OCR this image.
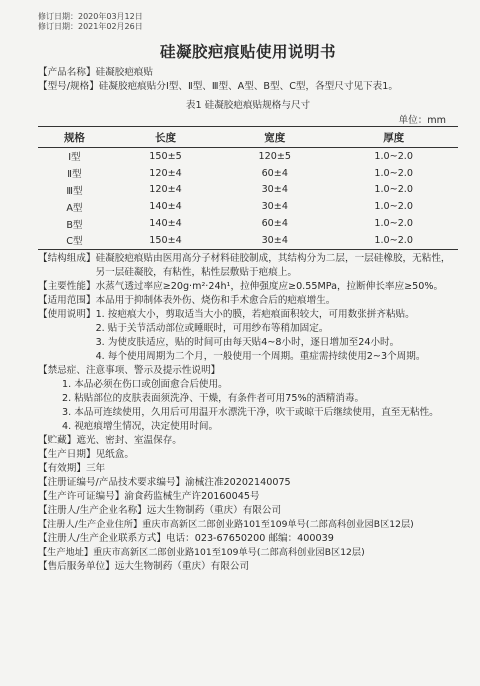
修订日期：2020年03月12日
修订日期：2021年02月26日
硅凝胶疤痕贴使用说明书
【产品名称】硅凝胶疤痕贴
【型号/规格】 硅凝胶疤痕贴分Ⅰ型、Ⅱ型、Ⅲ型、A型、B型、C型，各型尺寸见下表1。
表1 硅凝胶疤痕贴规格与尺寸
单位：mm
规格	长度	宽度	厚度
Ⅰ型	150±5	120±5	1.0~2.0
Ⅱ型	120±4	60±4	1.0~2.0
Ⅲ型	120±4	30±4	1.0~2.0
A型	140±4	30±4	1.0~2.0
B型	140±4	60±4	1.0~2.0
C型	150±4	30±4	1.0~2.0
【结构组成】 硅凝胶疤痕贴由医用高分子材料硅胶制成，其结构分为二层，一层硅橡胶，无粘性，另一层硅凝胶，有粘性，粘性层敷贴于疤痕上。
【主要性能】 水蒸气透过率应≥20g·m²·24h¹，拉伸强度应≥0.55MPa，拉断伸长率应≥50%。
【适用范围】 本品用于抑制体表外伤、烧伤和手术愈合后的疤痕增生。
【使用说明】 1. 按疤痕大小，剪取适当大小的膜，若疤痕面积较大，可用数张拼齐粘贴。
2. 贴于关节活动部位或睡眠时，可用纱布等稍加固定。
3. 为使皮肤适应，贴的时间可由每天贴4~8小时，逐日增加至24小时。
4. 每个使用周期为二个月，一般使用一个周期。重症需持续使用2~3个周期。
【禁忌症、注意事项、警示及提示性说明】
1. 本品必须在伤口或创面愈合后使用。
2. 粘贴部位的皮肤表面须洗净、干燥，有条件者可用75%的酒精消毒。
3. 本品可连续使用，久用后可用温开水漂洗干净，吹干或晾干后继续使用，直至无粘性。
4. 视疤痕增生情况，决定使用时间。
【贮藏】遮光、密封、室温保存。
【生产日期】见纸盒。
【有效期】三年
【注册证编号/产品技术要求编号】渝械注准20202140075
【生产许可证编号】渝食药监械生产许20160045号
【注册人/生产企业名称】远大生物制药（重庆）有限公司
【注册人/生产企业住所】重庆市高新区二郎创业路101至109单号(二郎高科创业园B区12层)
【注册人/生产企业联系方式】电话：023-67650200 邮编：400039
【生产地址】重庆市高新区二郎创业路101至109单号(二郎高科创业园B区12层)
【售后服务单位】远大生物制药（重庆）有限公司
